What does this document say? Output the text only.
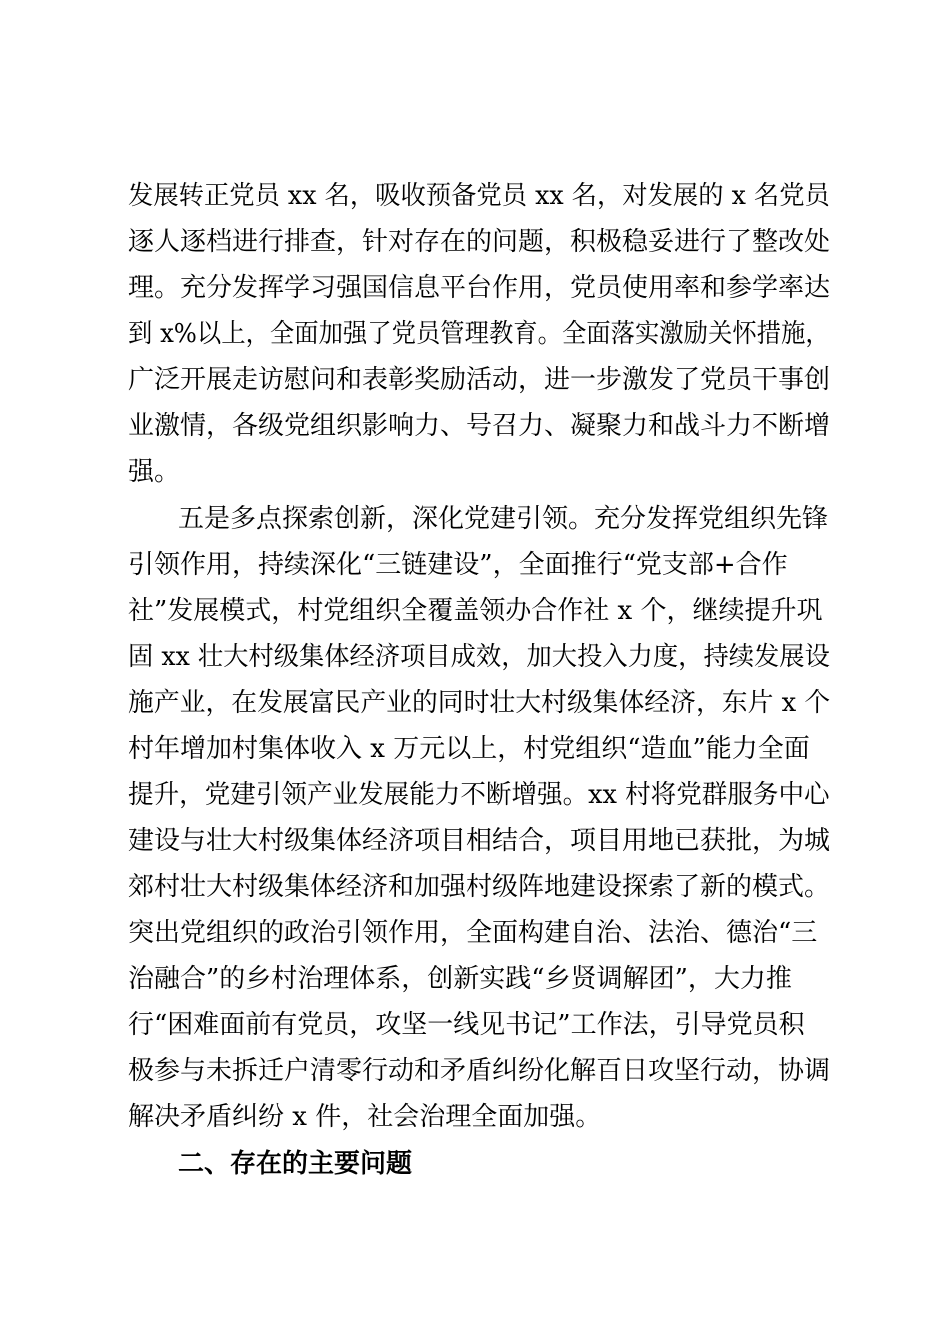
发展转正党员 xx 名，吸收预备党员 xx 名，对发展的 x 名党员
逐人逐档进行排查，针对存在的问题，积极稳妥进行了整改处
理。充分发挥学习强国信息平台作用，党员使用率和参学率达
到 x%以上，全面加强了党员管理教育。全面落实激励关怀措施，
广泛开展走访慰问和表彰奖励活动，进一步激发了党员干事创
业激情，各级党组织影响力、号召力、凝聚力和战斗力不断增
强。
五是多点探索创新，深化党建引领。充分发挥党组织先锋
引领作用，持续深化“三链建设”，全面推行“党支部+合作
社”发展模式，村党组织全覆盖领办合作社 x 个，继续提升巩
固 xx 壮大村级集体经济项目成效，加大投入力度，持续发展设
施产业，在发展富民产业的同时壮大村级集体经济，东片 x 个
村年增加村集体收入 x 万元以上，村党组织“造血”能力全面
提升，党建引领产业发展能力不断增强。xx 村将党群服务中心
建设与壮大村级集体经济项目相结合，项目用地已获批，为城
郊村壮大村级集体经济和加强村级阵地建设探索了新的模式。
突出党组织的政治引领作用，全面构建自治、法治、德治“三
治融合”的乡村治理体系，创新实践“乡贤调解团”，大力推
行“困难面前有党员，攻坚一线见书记”工作法，引导党员积
极参与未拆迁户清零行动和矛盾纠纷化解百日攻坚行动，协调
解决矛盾纠纷 x 件，社会治理全面加强。
二、存在的主要问题
